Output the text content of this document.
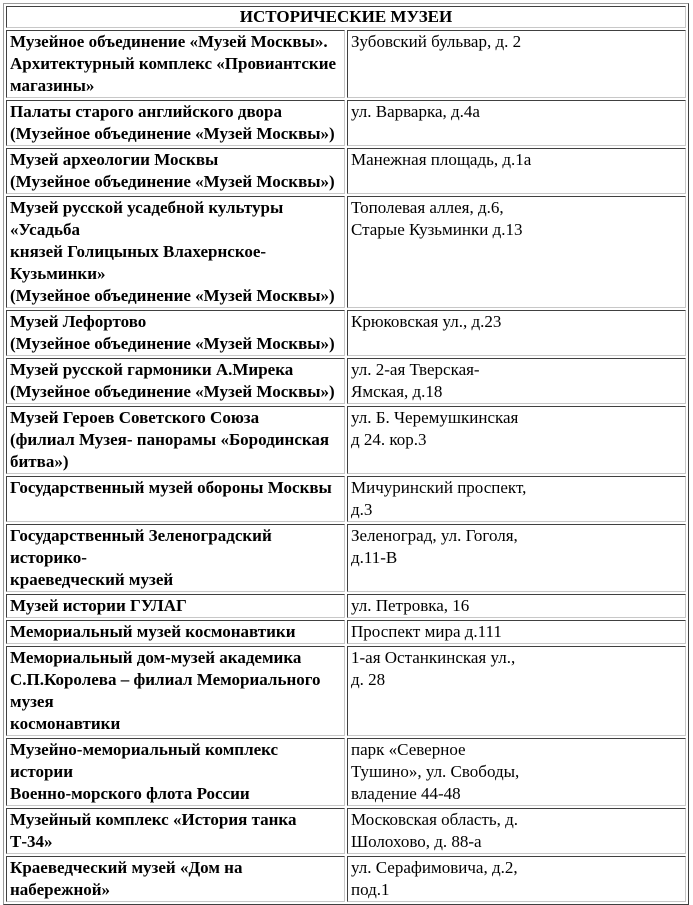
ИСТОРИЧЕСКИЕ МУЗЕИ	
Музейное объединение «Музей Москвы».
Архитектурный комплекс «Провиантские
магазины»	Зубовский бульвар, д. 2
Палаты старого английского двора
(Музейное объединение «Музей Москвы»)	ул. Варварка, д.4а
Музей археологии Москвы
(Музейное объединение «Музей Москвы»)	Манежная площадь, д.1а
Музей русской усадебной культуры «Усадьба
князей Голицыных Влахернское-Кузьминки»
(Музейное объединение «Музей Москвы»)	Тополевая аллея, д.6,
Старые Кузьминки д.13
Музей Лефортово
(Музейное объединение «Музей Москвы»)	Крюковская ул., д.23
Музей русской гармоники А.Мирека
(Музейное объединение «Музей Москвы»)	ул. 2-ая Тверская-
Ямская, д.18
Музей Героев Советского Союза
(филиал Музея- панорамы «Бородинская битва»)	ул. Б. Черемушкинская
д 24. кор.3
Государственный музей обороны Москвы	Мичуринский проспект,
д.3
Государственный Зеленоградский историко-
краеведческий музей	Зеленоград, ул. Гоголя,
д.11-В
Музей истории ГУЛАГ	ул. Петровка, 16
Мемориальный музей космонавтики	Проспект мира д.111
Мемориальный дом-музей академика
С.П.Королева – филиал Мемориального музея
космонавтики	1-ая Останкинская ул.,
д. 28
Музейно-мемориальный комплекс истории
Военно-морского флота России	парк «Северное
Тушино», ул. Свободы,
владение 44-48
Музейный комплекс «История танка Т-34»	Московская область, д.
Шолохово, д. 88-а
Краеведческий музей «Дом на набережной»	ул. Серафимовича, д.2,
под.1
